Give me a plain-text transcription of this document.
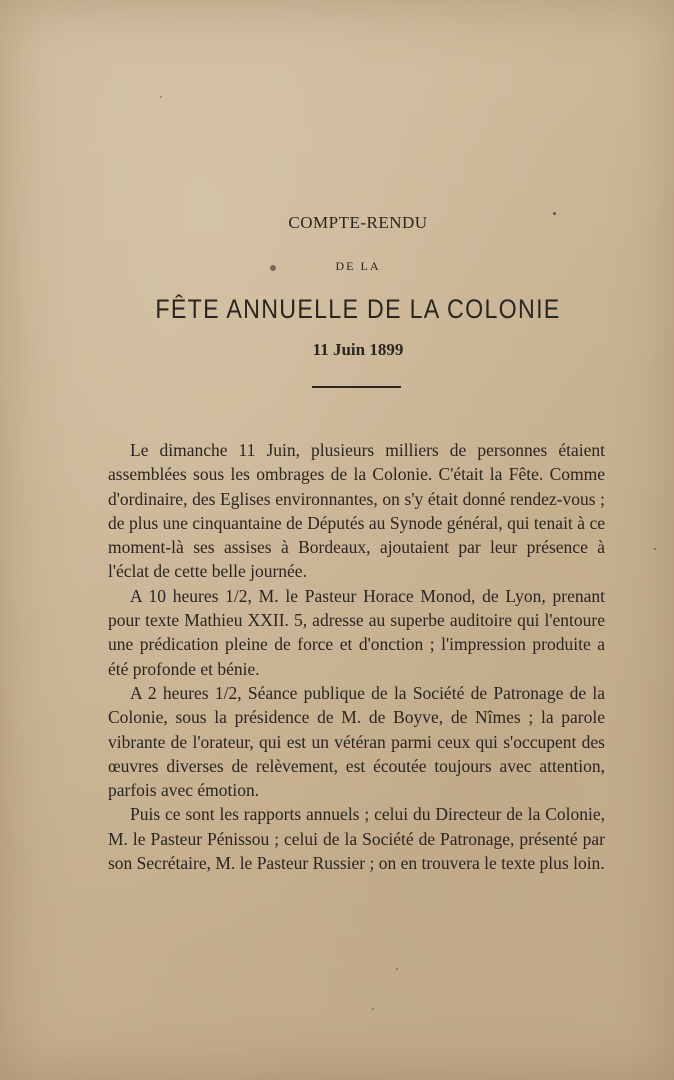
COMPTE-RENDU
DE LA
FÊTE ANNUELLE DE LA COLONIE
11 Juin 1899

Le dimanche 11 Juin, plusieurs milliers de personnes étaient assemblées sous les ombrages de la Colonie. C'était la Fête. Comme d'ordinaire, des Eglises environnantes, on s'y était donné rendez-vous ; de plus une cinquantaine de Députés au Synode général, qui tenait à ce moment-là ses assises à Bordeaux, ajoutaient par leur présence à l'éclat de cette belle journée.

A 10 heures 1/2, M. le Pasteur Horace Monod, de Lyon, prenant pour texte Mathieu XXII. 5, adresse au superbe auditoire qui l'entoure une prédication pleine de force et d'onction ; l'impression produite a été profonde et bénie.

A 2 heures 1/2, Séance publique de la Société de Patronage de la Colonie, sous la présidence de M. de Boyve, de Nîmes ; la parole vibrante de l'orateur, qui est un vétéran parmi ceux qui s'occupent des œuvres diverses de relèvement, est écoutée toujours avec attention, parfois avec émotion.

Puis ce sont les rapports annuels ; celui du Directeur de la Colonie, M. le Pasteur Pénissou ; celui de la Société de Patronage, présenté par son Secrétaire, M. le Pasteur Russier ; on en trouvera le texte plus loin.
